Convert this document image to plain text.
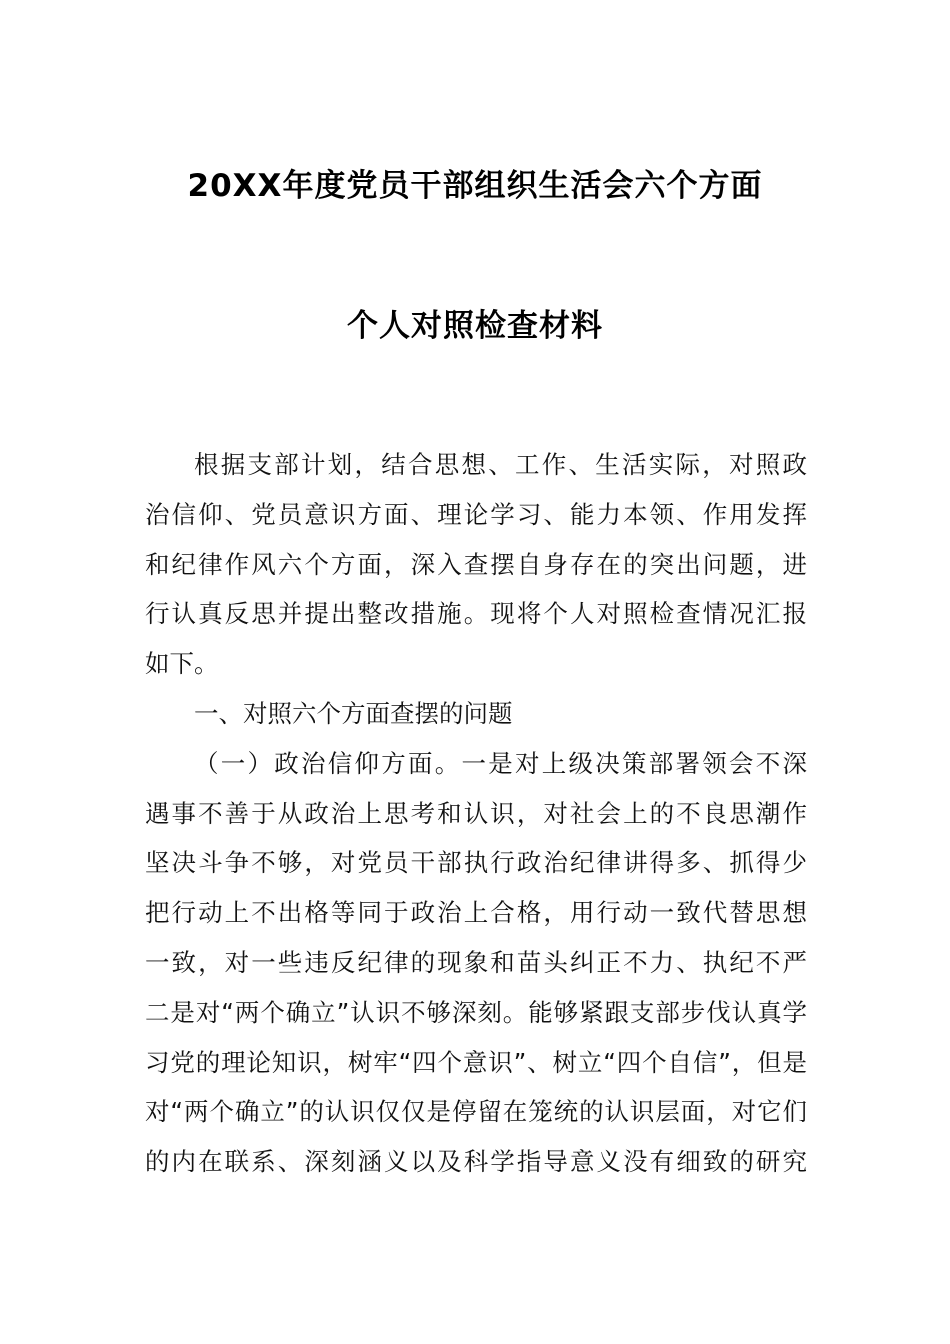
20XX年度党员干部组织生活会六个方面
个人对照检查材料
根据支部计划，结合思想、工作、生活实际，对照政
治信仰、党员意识方面、理论学习、能力本领、作用发挥
和纪律作风六个方面，深入查摆自身存在的突出问题，进
行认真反思并提出整改措施。现将个人对照检查情况汇报
如下。
一、对照六个方面查摆的问题
（一）政治信仰方面。一是对上级决策部署领会不深
遇事不善于从政治上思考和认识，对社会上的不良思潮作
坚决斗争不够，对党员干部执行政治纪律讲得多、抓得少
把行动上不出格等同于政治上合格，用行动一致代替思想
一致，对一些违反纪律的现象和苗头纠正不力、执纪不严
二是对“两个确立”认识不够深刻。能够紧跟支部步伐认真学
习党的理论知识，树牢“四个意识”、树立“四个自信”，但是
对“两个确立”的认识仅仅是停留在笼统的认识层面，对它们
的内在联系、深刻涵义以及科学指导意义没有细致的研究
